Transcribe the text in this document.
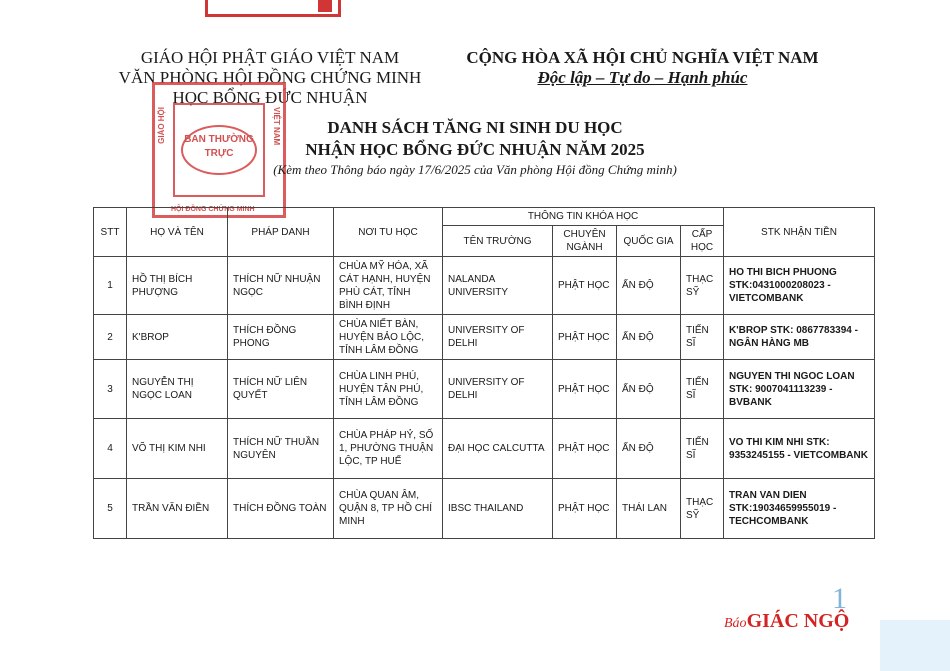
GIÁO HỘI PHẬT GIÁO VIỆT NAM
VĂN PHÒNG HỘI ĐỒNG CHỨNG MINH
HỌC BỔNG ĐỨC NHUẬN
CỘNG HÒA XÃ HỘI CHỦ NGHĨA VIỆT NAM
Độc lập – Tự do – Hạnh phúc
GIÁO HỘI	VIỆT NAM
BAN THƯỜNG TRỰC
HỘI ĐỒNG CHỨNG MINH
DANH SÁCH TĂNG NI SINH DU HỌC
NHẬN HỌC BỔNG ĐỨC NHUẬN NĂM 2025
(Kèm theo Thông báo ngày 17/6/2025 của Văn phòng Hội đồng Chứng minh)
STT	HỌ VÀ TÊN	PHÁP DANH	NƠI TU HỌC	THÔNG TIN KHÓA HỌC				STK NHẬN TIỀN
				TÊN TRƯỜNG	CHUYÊN NGÀNH	QUỐC GIA	CẤP HỌC	
1	HỒ THỊ BÍCH PHƯỢNG	THÍCH NỮ NHUẬN NGỌC	CHÙA MỸ HÓA, XÃ CÁT HẠNH, HUYỆN PHÙ CÁT, TỈNH BÌNH ĐỊNH	NALANDA UNIVERSITY	PHẬT HỌC	ẤN ĐỘ	THẠC SỸ	HO THI BICH PHUONG STK:0431000208023 - VIETCOMBANK
2	K'BROP	THÍCH ĐỒNG PHONG	CHÙA NIẾT BÀN, HUYỆN BẢO LỘC, TỈNH LÂM ĐỒNG	UNIVERSITY OF DELHI	PHẬT HỌC	ẤN ĐỘ	TIẾN SĨ	K'BROP STK: 0867783394 - NGÂN HÀNG MB
3	NGUYỄN THỊ NGỌC LOAN	THÍCH NỮ LIÊN QUYẾT	CHÙA LINH PHÚ, HUYỆN TÂN PHÚ, TỈNH LÂM ĐỒNG	UNIVERSITY OF DELHI	PHẬT HỌC	ẤN ĐỘ	TIẾN SĨ	NGUYEN THI NGOC LOAN STK: 9007041113239 - BVBANK
4	VÕ THỊ KIM NHI	THÍCH NỮ THUẦN NGUYÊN	CHÙA PHÁP HỶ, SỐ 1, PHƯỜNG THUẬN LỘC, TP HUẾ	ĐẠI HỌC CALCUTTA	PHẬT HỌC	ẤN ĐỘ	TIẾN SĨ	VO THI KIM NHI STK: 9353245155 - VIETCOMBANK
5	TRẦN VĂN ĐIỀN	THÍCH ĐỒNG TOÀN	CHÙA QUAN ÂM, QUẬN 8, TP HỒ CHÍ MINH	IBSC THAILAND	PHẬT HỌC	THÁI LAN	THẠC SỸ	TRAN VAN DIEN STK:19034659955019 - TECHCOMBANK
1
BáoGIÁC NGỘ
